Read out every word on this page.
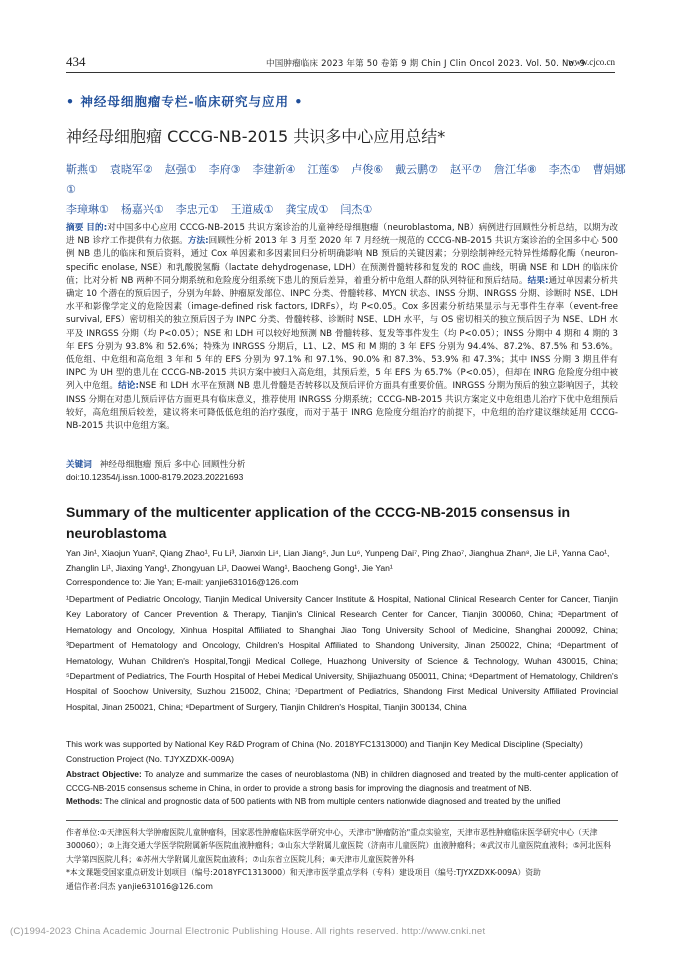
434	中国肿瘤临床 2023 年第 50 卷第 9 期 Chin J Clin Oncol 2023. Vol. 50. No. 9
www.cjco.cn
• 神经母细胞瘤专栏-临床研究与应用 •
神经母细胞瘤 CCCG-NB-2015 共识多中心应用总结*
靳燕① 袁晓军② 赵强① 李府③ 李建新④ 江莲⑤ 卢俊⑥ 戴云鹏⑦ 赵平⑦ 詹江华⑧ 李杰① 曹娟娜①
李璋琳① 杨嘉兴① 李忠元① 王道威① 龚宝成① 闫杰①
摘要 目的:对中国多中心应用 CCCG-NB-2015 共识方案诊治的儿童神经母细胞瘤（neuroblastoma, NB）病例进行回顾性分析总结，以期为改进 NB 诊疗工作提供有力依据。方法:回顾性分析 2013 年 3 月至 2020 年 7 月经统一规范的 CCCG-NB-2015 共识方案诊治的全国多中心 500 例 NB 患儿的临床和预后资料，通过 Cox 单因素和多因素回归分析明确影响 NB 预后的关键因素；分别绘制神经元特异性烯醇化酶（neuron-specific enolase, NSE）和乳酸脱氢酶（lactate dehydrogenase, LDH）在预测骨髓转移和复发的 ROC 曲线，明确 NSE 和 LDH 的临床价值；比对分析 NB 两种不同分期系统和危险度分组系统下患儿的预后差异，着重分析中危组人群的队列特征和预后结局。结果:通过单因素分析共确定 10 个潜在的预后因子，分别为年龄、肿瘤原发部位、INPC 分类、骨髓转移、MYCN 状态、INSS 分期、INRGSS 分期、诊断时 NSE、LDH 水平和影像学定义的危险因素（image-defined risk factors, IDRFs），均 P<0.05。Cox 多因素分析结果显示与无事件生存率（event-free survival, EFS）密切相关的独立预后因子为 INPC 分类、骨髓转移、诊断时 NSE、LDH 水平，与 OS 密切相关的独立预后因子为 NSE、LDH 水平及 INRGSS 分期（均 P<0.05）；NSE 和 LDH 可以较好地预测 NB 骨髓转移、复发等事件发生（均 P<0.05）；INSS 分期中 4 期和 4 期的 3 年 EFS 分别为 93.8% 和 52.6%；特殊为 INRGSS 分期后，L1、L2、MS 和 M 期的 3 年 EFS 分别为 94.4%、87.2%、87.5% 和 53.6%。低危组、中危组和高危组 3 年和 5 年的 EFS 分别为 97.1% 和 97.1%、90.0% 和 87.3%、53.9% 和 47.3%；其中 INSS 分期 3 期且伴有 INPC 为 UH 型的患儿在 CCCG-NB-2015 共识方案中被归入高危组，其预后差，5 年 EFS 为 65.7%（P<0.05），但却在 INRG 危险度分组中被列入中危组。结论:NSE 和 LDH 水平在预测 NB 患儿骨髓是否转移以及预后评价方面具有重要价值。INRGSS 分期为预后的独立影响因子，其较 INSS 分期在对患儿预后评估方面更具有临床意义，推荐使用 INRGSS 分期系统；CCCG-NB-2015 共识方案定义中危组患儿治疗下优中危组预后较好，高危组预后较差，建议将来可降低低危组的治疗强度，而对于基于 INRG 危险度分组治疗的前提下，中危组的治疗建议继续延用 CCCG-NB-2015 共识中危组方案。
关键词 神经母细胞瘤 预后 多中心 回顾性分析
doi:10.12354/j.issn.1000-8179.2023.20221693
Summary of the multicenter application of the CCCG-NB-2015 consensus in neuroblastoma
Yan Jin¹, Xiaojun Yuan², Qiang Zhao¹, Fu Li³, Jianxin Li⁴, Lian Jiang⁵, Jun Lu⁶, Yunpeng Dai⁷, Ping Zhao⁷, Jianghua Zhan⁸, Jie Li¹, Yanna Cao¹, Zhanglin Li¹, Jiaxing Yang¹, Zhongyuan Li¹, Daowei Wang¹, Baocheng Gong¹, Jie Yan¹
Correspondence to: Jie Yan; E-mail: yanjie631016@126.com
¹Department of Pediatric Oncology, Tianjin Medical University Cancer Institute & Hospital, National Clinical Research Center for Cancer, Tianjin Key Laboratory of Cancer Prevention & Therapy, Tianjin's Clinical Research Center for Cancer, Tianjin 300060, China; ²Department of Hematology and Oncology, Xinhua Hospital Affiliated to Shanghai Jiao Tong University School of Medicine, Shanghai 200092, China; ³Department of Hematology and Oncology, Children's Hospital Affiliated to Shandong University, Jinan 250022, China; ⁴Department of Hematology, Wuhan Children's Hospital,Tongji Medical College, Huazhong University of Science & Technology, Wuhan 430015, China; ⁵Department of Pediatrics, The Fourth Hospital of Hebei Medical University, Shijiazhuang 050011, China; ⁶Department of Hematology, Children's Hospital of Soochow University, Suzhou 215002, China; ⁷Department of Pediatrics, Shandong First Medical University Affiliated Provincial Hospital, Jinan 250021, China; ⁸Department of Surgery, Tianjin Children's Hospital, Tianjin 300134, China
This work was supported by National Key R&D Program of China (No. 2018YFC1313000) and Tianjin Key Medical Discipline (Specialty) Construction Project (No. TJYXZDXK-009A)
Abstract Objective: To analyze and summarize the cases of neuroblastoma (NB) in children diagnosed and treated by the multi-center application of CCCG-NB-2015 consensus scheme in China, in order to provide a strong basis for improving the diagnosis and treatment of NB.
Methods: The clinical and prognostic data of 500 patients with NB from multiple centers nationwide diagnosed and treated by the unified
作者单位:①天津医科大学肿瘤医院儿童肿瘤科，国家恶性肿瘤临床医学研究中心，天津市"肿瘤防治"重点实验室，天津市恶性肿瘤临床医学研究中心（天津300060）；②上海交通大学医学院附属新华医院血液肿瘤科；③山东大学附属儿童医院（济南市儿童医院）血液肿瘤科；④武汉市儿童医院血液科；⑤河北医科大学第四医院儿科；⑥苏州大学附属儿童医院血液科；⑦山东省立医院儿科；⑧天津市儿童医院普外科
*本文课题受国家重点研发计划项目（编号:2018YFC1313000）和天津市医学重点学科（专科）建设项目（编号:TJYXZDXK-009A）资助
通信作者:闫杰 yanjie631016@126.com
(C)1994-2023 China Academic Journal Electronic Publishing House. All rights reserved. http://www.cnki.net
